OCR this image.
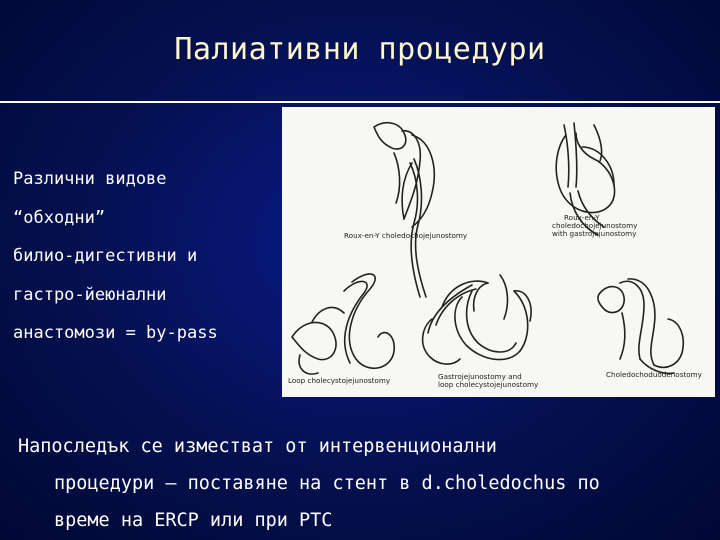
Палиативни процедури
Различни видове
“обходни”
билио-дигестивни и
гастро-йеюнални
анастомози = by-pass
Roux-en-Y choledochojejunostomy
Roux-en-Y
choledochojejunostomy
with gastrojejunostomy
Loop cholecystojejunostomy	Gastrojejunostomy and
loop cholecystojejunostomy
Choledochoduodenostomy
Напоследък се изместват от интервенционални
процедури – поставяне на стент в d.choledochus по
време на ERCP или при PTC
